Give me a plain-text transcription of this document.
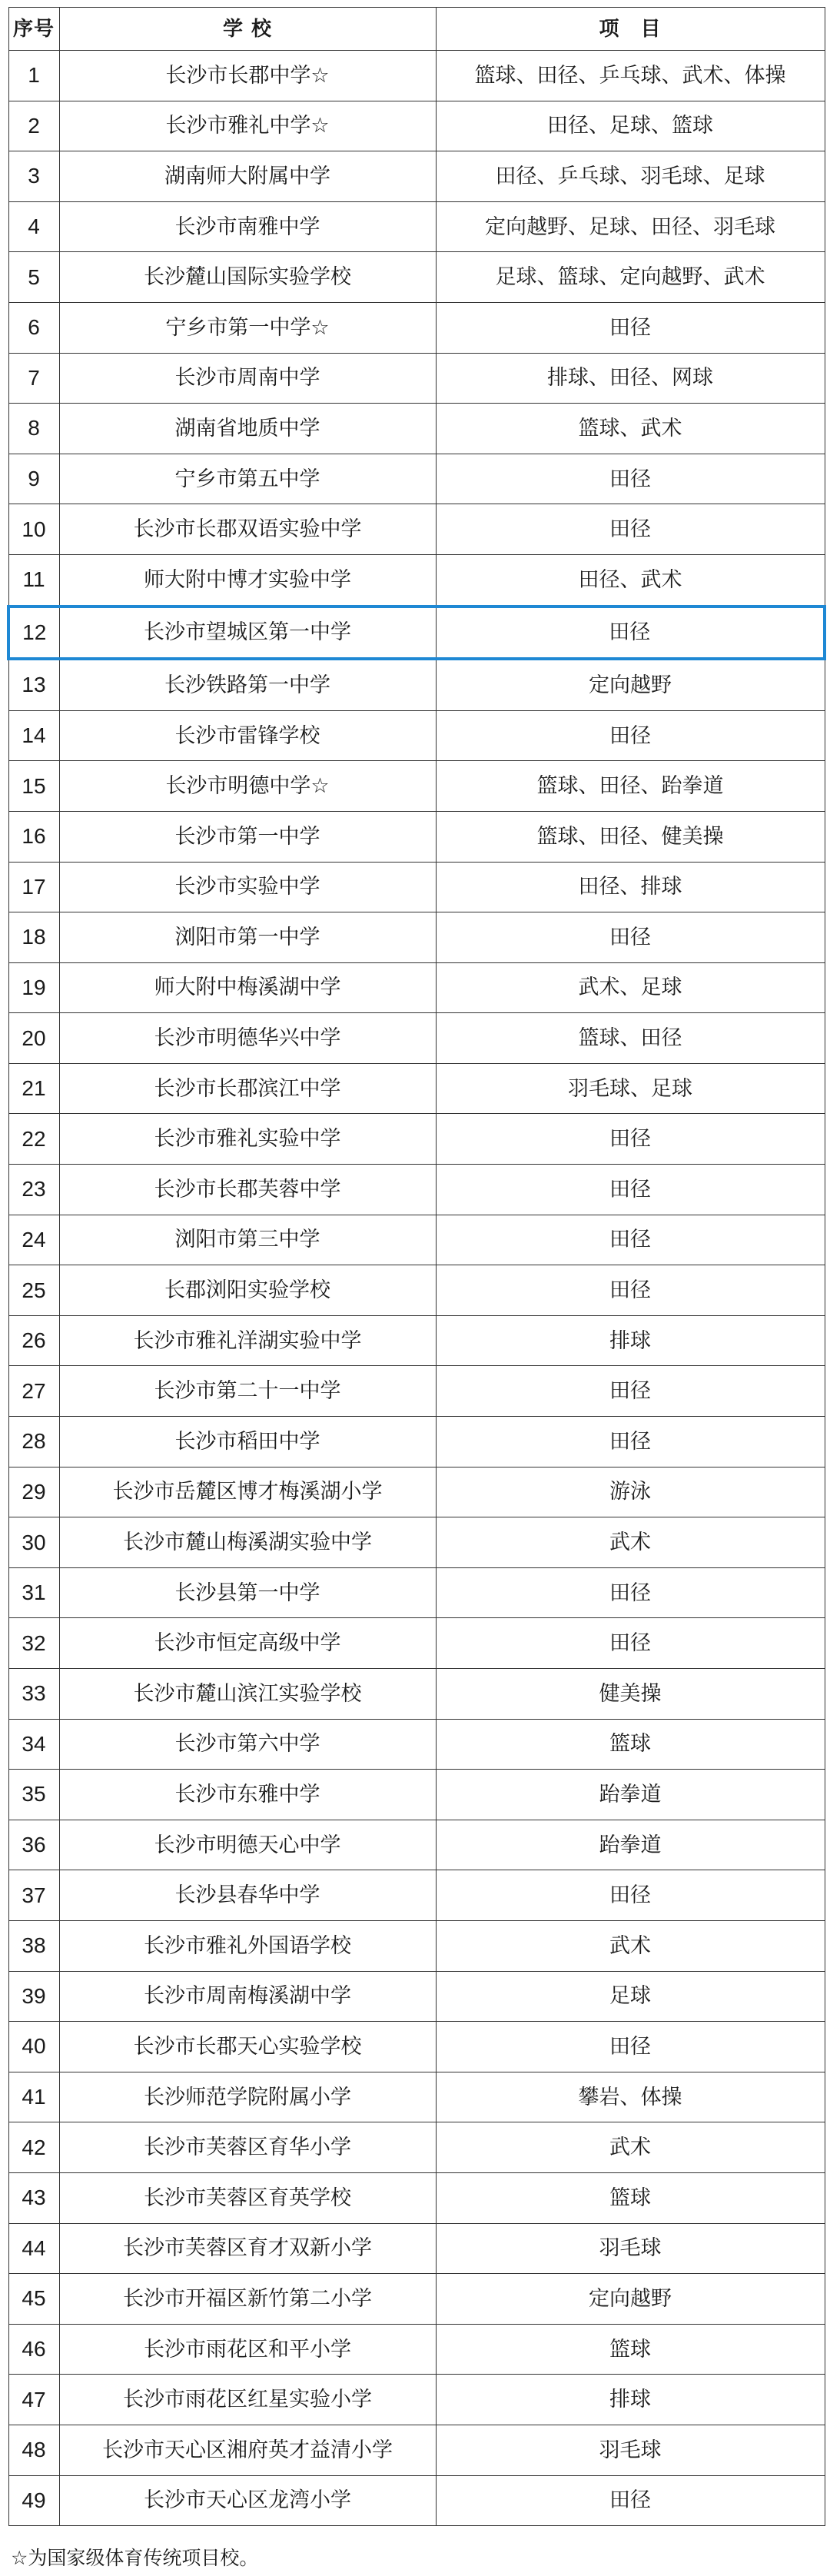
序号	学 校	项　目
1	长沙市长郡中学☆	篮球、田径、乒乓球、武术、体操
2	长沙市雅礼中学☆	田径、足球、篮球
3	湖南师大附属中学	田径、乒乓球、羽毛球、足球
4	长沙市南雅中学	定向越野、足球、田径、羽毛球
5	长沙麓山国际实验学校	足球、篮球、定向越野、武术
6	宁乡市第一中学☆	田径
7	长沙市周南中学	排球、田径、网球
8	湖南省地质中学	篮球、武术
9	宁乡市第五中学	田径
10	长沙市长郡双语实验中学	田径
11	师大附中博才实验中学	田径、武术
12	长沙市望城区第一中学	田径
13	长沙铁路第一中学	定向越野
14	长沙市雷锋学校	田径
15	长沙市明德中学☆	篮球、田径、跆拳道
16	长沙市第一中学	篮球、田径、健美操
17	长沙市实验中学	田径、排球
18	浏阳市第一中学	田径
19	师大附中梅溪湖中学	武术、足球
20	长沙市明德华兴中学	篮球、田径
21	长沙市长郡滨江中学	羽毛球、足球
22	长沙市雅礼实验中学	田径
23	长沙市长郡芙蓉中学	田径
24	浏阳市第三中学	田径
25	长郡浏阳实验学校	田径
26	长沙市雅礼洋湖实验中学	排球
27	长沙市第二十一中学	田径
28	长沙市稻田中学	田径
29	长沙市岳麓区博才梅溪湖小学	游泳
30	长沙市麓山梅溪湖实验中学	武术
31	长沙县第一中学	田径
32	长沙市恒定高级中学	田径
33	长沙市麓山滨江实验学校	健美操
34	长沙市第六中学	篮球
35	长沙市东雅中学	跆拳道
36	长沙市明德天心中学	跆拳道
37	长沙县春华中学	田径
38	长沙市雅礼外国语学校	武术
39	长沙市周南梅溪湖中学	足球
40	长沙市长郡天心实验学校	田径
41	长沙师范学院附属小学	攀岩、体操
42	长沙市芙蓉区育华小学	武术
43	长沙市芙蓉区育英学校	篮球
44	长沙市芙蓉区育才双新小学	羽毛球
45	长沙市开福区新竹第二小学	定向越野
46	长沙市雨花区和平小学	篮球
47	长沙市雨花区红星实验小学	排球
48	长沙市天心区湘府英才益清小学	羽毛球
49	长沙市天心区龙湾小学	田径
☆为国家级体育传统项目校。
